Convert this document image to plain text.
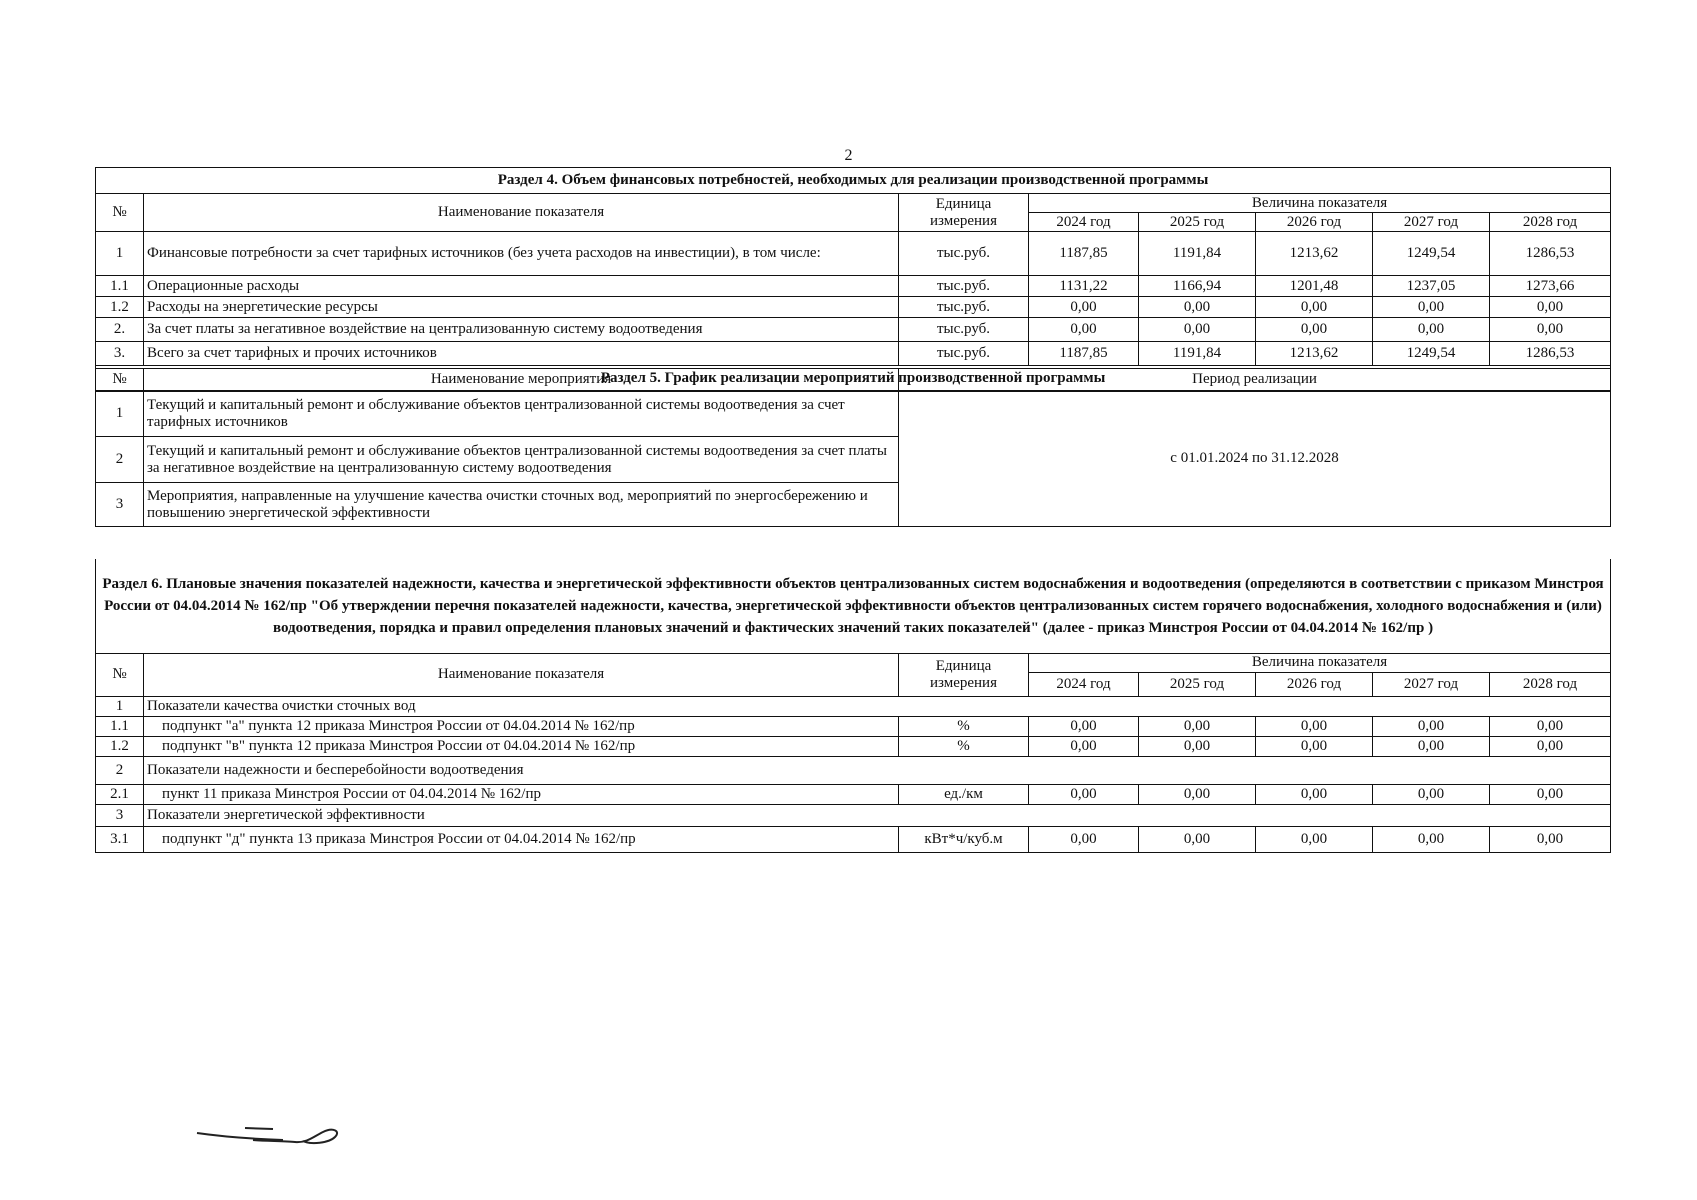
2
Раздел 4. Объем финансовых потребностей, необходимых для реализации производственной программы							
№	Наименование показателя	Единица измерения	Величина показателя				
			2024 год	2025 год	2026 год	2027 год	2028 год
1	Финансовые потребности за счет тарифных источников (без учета расходов на инвестиции), в том числе:	тыс.руб.	1187,85	1191,84	1213,62	1249,54	1286,53
1.1	Операционные расходы	тыс.руб.	1131,22	1166,94	1201,48	1237,05	1273,66
1.2	Расходы на энергетические ресурсы	тыс.руб.	0,00	0,00	0,00	0,00	0,00
2.	За счет платы за негативное воздействие на централизованную систему водоотведения	тыс.руб.	0,00	0,00	0,00	0,00	0,00
3.	Всего за счет тарифных и прочих источников	тыс.руб.	1187,85	1191,84	1213,62	1249,54	1286,53
Раздел 5. График реализации мероприятий производственной программы							
№	Наименование мероприятия	Период реализации
1	Текущий и капитальный ремонт и обслуживание объектов централизованной системы водоотведения за счет тарифных источников	с 01.01.2024 по 31.12.2028
2	Текущий и капитальный ремонт и обслуживание объектов централизованной системы водоотведения за счет платы за негативное воздействие на централизованную систему водоотведения	
3	Мероприятия, направленные на улучшение качества очистки сточных вод, мероприятий по энергосбережению и повышению энергетической эффективности	
Раздел 6. Плановые значения показателей надежности, качества и энергетической эффективности объектов централизованных систем водоснабжения и водоотведения (определяются в соответствии с приказом Минстроя России от 04.04.2014 № 162/пр "Об утверждении перечня показателей надежности, качества, энергетической эффективности объектов централизованных систем горячего водоснабжения, холодного водоснабжения и (или) водоотведения, порядка и правил определения плановых значений и фактических значений таких показателей" (далее - приказ Минстроя России от 04.04.2014 № 162/пр )							
№	Наименование показателя	Единица измерения	Величина показателя				
			2024 год	2025 год	2026 год	2027 год	2028 год
1	Показатели качества очистки сточных вод						
1.1	подпункт "а" пункта 12 приказа Минстроя России от 04.04.2014 № 162/пр	%	0,00	0,00	0,00	0,00	0,00
1.2	подпункт "в" пункта 12 приказа Минстроя России от 04.04.2014 № 162/пр	%	0,00	0,00	0,00	0,00	0,00
2	Показатели надежности и бесперебойности водоотведения						
2.1	пункт 11 приказа Минстроя России от 04.04.2014 № 162/пр	ед./км	0,00	0,00	0,00	0,00	0,00
3	Показатели энергетической эффективности						
3.1	подпункт "д" пункта 13 приказа Минстроя России от 04.04.2014 № 162/пр	кВт*ч/куб.м	0,00	0,00	0,00	0,00	0,00
